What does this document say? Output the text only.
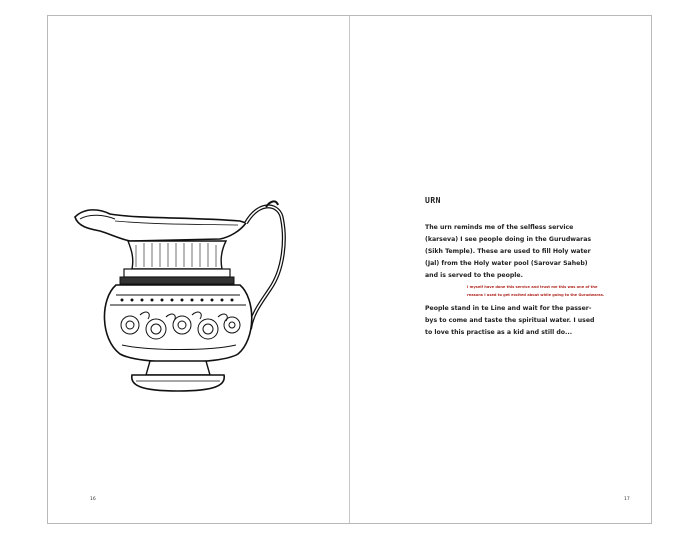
16
URN

The urn reminds me of the selfless service

(karseva) I see people doing in the Gurudwaras

(Sikh Temple). These are used to fill Holy water

(Jal) from the Holy water pool (Sarovar Saheb)

and is served to the people.

I myself have done this service and trust me this was one of the
reasons I used to get excited about while going to the Gurudwaras.

People stand in te Line and wait for the passer-

bys to come and taste the spiritual water. I used

to love this practise as a kid and still do...

17
